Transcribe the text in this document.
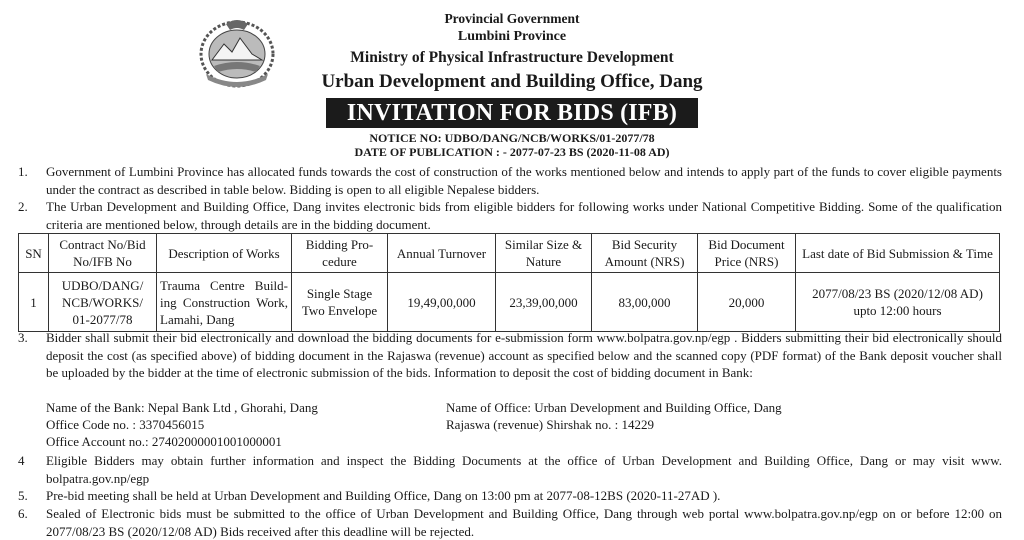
Provincial Government
Lumbini Province
Ministry of Physical Infrastructure Development
Urban Development and Building Office, Dang
INVITATION FOR BIDS (IFB)
NOTICE NO: UDBO/DANG/NCB/WORKS/01-2077/78
DATE OF PUBLICATION : - 2077-07-23 BS (2020-11-08 AD)
1. Government of Lumbini Province has allocated funds towards the cost of construction of the works mentioned below and intends to apply part of the funds to cover eligible payments under the contract as described in table below. Bidding is open to all eligible Nepalese bidders.
2. The Urban Development and Building Office, Dang invites electronic bids from eligible bidders for following works under National Competitive Bidding. Some of the qualification criteria are mentioned below, through details are in the bidding document.
SN	Contract No/Bid No/IFB No	Description of Works	Bidding Pro-cedure	Annual Turnover	Similar Size & Nature	Bid Security Amount (NRS)	Bid Document Price (NRS)	Last date of Bid Submission & Time
1	UDBO/DANG/ NCB/WORKS/ 01-2077/78	Trauma Centre Build-ing Construction Work, Lamahi, Dang	Single Stage Two Envelope	19,49,00,000	23,39,00,000	83,00,000	20,000	2077/08/23 BS (2020/12/08 AD) upto 12:00 hours
3. Bidder shall submit their bid electronically and download the bidding documents for e-submission form www.bolpatra.gov.np/egp . Bidders submitting their bid electronically should deposit the cost (as specified above) of bidding document in the Rajaswa (revenue) account as specified below and the scanned copy (PDF format) of the Bank deposit voucher shall be uploaded by the bidder at the time of electronic submission of the bids. Information to deposit the cost of bidding document in Bank:
Name of the Bank: Nepal Bank Ltd , Ghorahi, Dang
Office Code no. : 3370456015
Office Account no.: 27402000001001000001
Name of Office: Urban Development and Building Office, Dang
Rajaswa (revenue) Shirshak no. : 14229
4 Eligible Bidders may obtain further information and inspect the Bidding Documents at the office of Urban Development and Building Office, Dang or may visit www. bolpatra.gov.np/egp
5. Pre-bid meeting shall be held at Urban Development and Building Office, Dang on 13:00 pm at 2077-08-12BS (2020-11-27AD ).
6. Sealed of Electronic bids must be submitted to the office of Urban Development and Building Office, Dang through web portal www.bolpatra.gov.np/egp on or before 12:00 on 2077/08/23 BS (2020/12/08 AD) Bids received after this deadline will be rejected.
